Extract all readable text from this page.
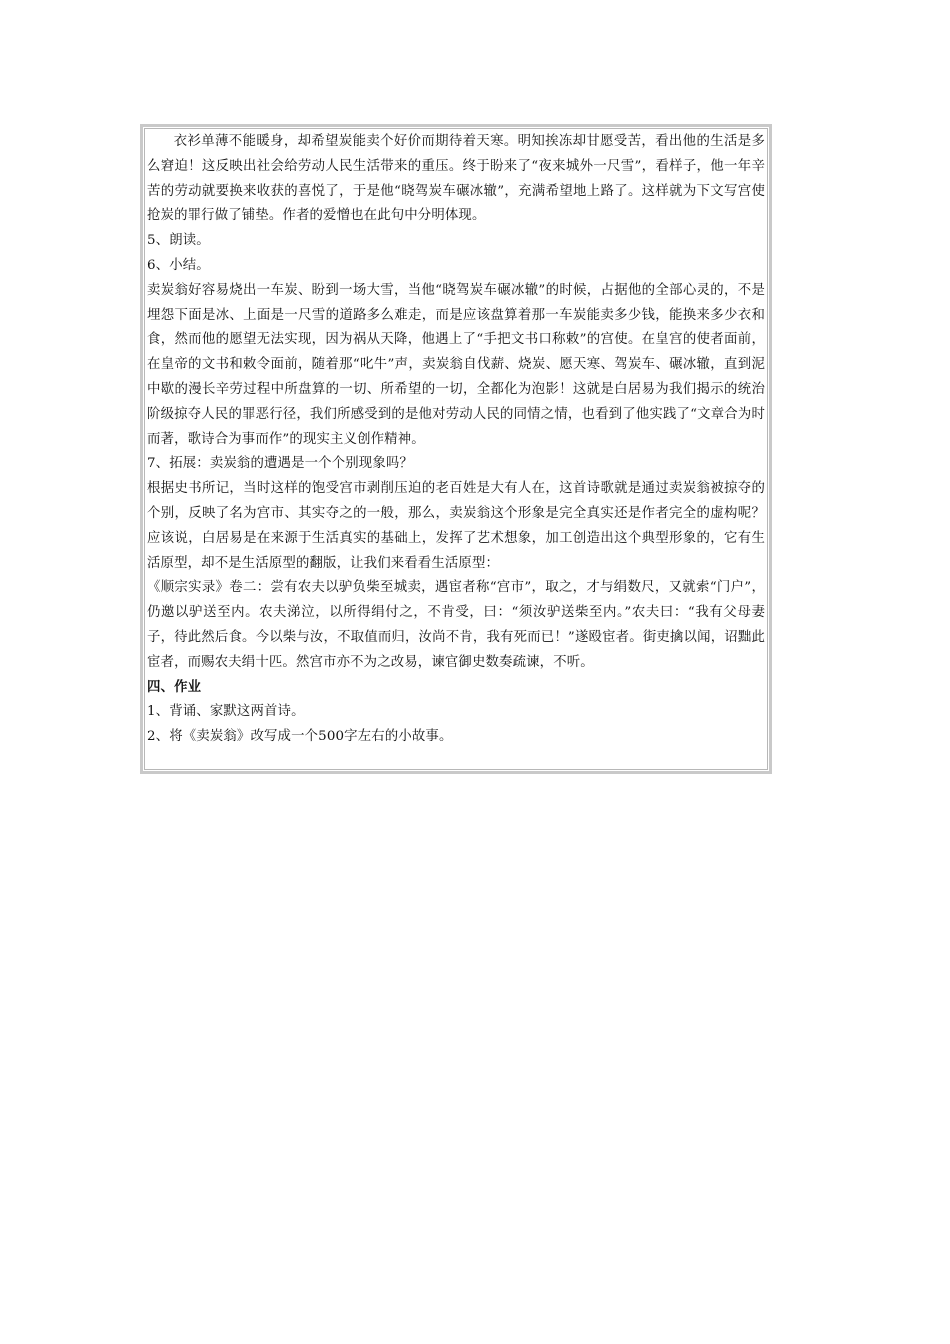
衣衫单薄不能暖身，却希望炭能卖个好价而期待着天寒。明知挨冻却甘愿受苦，看出他的生活是多么窘迫！这反映出社会给劳动人民生活带来的重压。终于盼来了“夜来城外一尺雪”，看样子，他一年辛苦的劳动就要换来收获的喜悦了，于是他“晓驾炭车碾冰辙”，充满希望地上路了。这样就为下文写宫使抢炭的罪行做了铺垫。作者的爱憎也在此句中分明体现。

5、朗读。

6、小结。

卖炭翁好容易烧出一车炭、盼到一场大雪，当他“晓驾炭车碾冰辙”的时候，占据他的全部心灵的，不是埋怨下面是冰、上面是一尺雪的道路多么难走，而是应该盘算着那一车炭能卖多少钱，能换来多少衣和食，然而他的愿望无法实现，因为祸从天降，他遇上了“手把文书口称敕”的宫使。在皇宫的使者面前，在皇帝的文书和敕令面前，随着那“叱牛”声，卖炭翁自伐薪、烧炭、愿天寒、驾炭车、碾冰辙，直到泥中歇的漫长辛劳过程中所盘算的一切、所希望的一切，全都化为泡影！这就是白居易为我们揭示的统治阶级掠夺人民的罪恶行径，我们所感受到的是他对劳动人民的同情之情，也看到了他实践了“文章合为时而著，歌诗合为事而作”的现实主义创作精神。

7、拓展：卖炭翁的遭遇是一个个别现象吗？

根据史书所记，当时这样的饱受宫市剥削压迫的老百姓是大有人在，这首诗歌就是通过卖炭翁被掠夺的个别，反映了名为宫市、其实夺之的一般，那么，卖炭翁这个形象是完全真实还是作者完全的虚构呢？应该说，白居易是在来源于生活真实的基础上，发挥了艺术想象，加工创造出这个典型形象的，它有生活原型，却不是生活原型的翻版，让我们来看看生活原型：

《顺宗实录》卷二：尝有农夫以驴负柴至城卖，遇宦者称“宫市”，取之，才与绢数尺，又就索“门户”，仍邀以驴送至内。农夫涕泣，以所得绢付之，不肯受，曰：“须汝驴送柴至内。”农夫曰：“我有父母妻子，待此然后食。今以柴与汝，不取值而归，汝尚不肯，我有死而已！”遂殴宦者。街吏擒以闻，诏黜此宦者，而赐农夫绢十匹。然宫市亦不为之改易，谏官御史数奏疏谏，不听。

四、作业

1、背诵、家默这两首诗。

2、将《卖炭翁》改写成一个500字左右的小故事。
